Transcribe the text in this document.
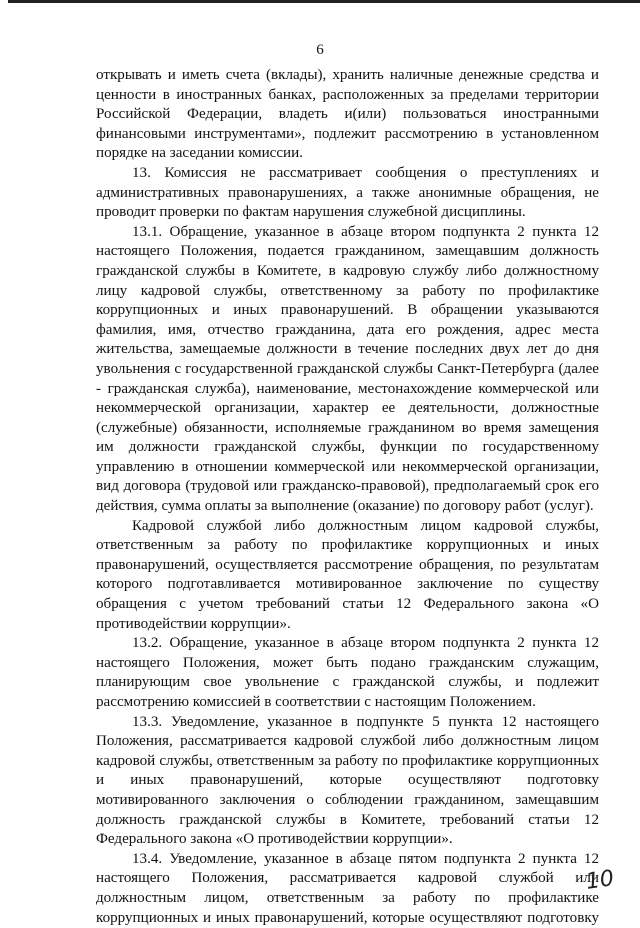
6

открывать и иметь счета (вклады), хранить наличные денежные средства и ценности в иностранных банках, расположенных за пределами территории Российской Федерации, владеть и(или) пользоваться иностранными финансовыми инструментами», подлежит рассмотрению в установленном порядке на заседании комиссии.

13. Комиссия не рассматривает сообщения о преступлениях и административных правонарушениях, а также анонимные обращения, не проводит проверки по фактам нарушения служебной дисциплины.

13.1. Обращение, указанное в абзаце втором подпункта 2 пункта 12 настоящего Положения, подается гражданином, замещавшим должность гражданской службы в Комитете, в кадровую службу либо должностному лицу кадровой службы, ответственному за работу по профилактике коррупционных и иных правонарушений. В обращении указываются фамилия, имя, отчество гражданина, дата его рождения, адрес места жительства, замещаемые должности в течение последних двух лет до дня увольнения с государственной гражданской службы Санкт-Петербурга (далее - гражданская служба), наименование, местонахождение коммерческой или некоммерческой организации, характер ее деятельности, должностные (служебные) обязанности, исполняемые гражданином во время замещения им должности гражданской службы, функции по государственному управлению в отношении коммерческой или некоммерческой организации, вид договора (трудовой или гражданско-правовой), предполагаемый срок его действия, сумма оплаты за выполнение (оказание) по договору работ (услуг).

Кадровой службой либо должностным лицом кадровой службы, ответственным за работу по профилактике коррупционных и иных правонарушений, осуществляется рассмотрение обращения, по результатам которого подготавливается мотивированное заключение по существу обращения с учетом требований статьи 12 Федерального закона «О противодействии коррупции».

13.2. Обращение, указанное в абзаце втором подпункта 2 пункта 12 настоящего Положения, может быть подано гражданским служащим, планирующим свое увольнение с гражданской службы, и подлежит рассмотрению комиссией в соответствии с настоящим Положением.

13.3. Уведомление, указанное в подпункте 5 пункта 12 настоящего Положения, рассматривается кадровой службой либо должностным лицом кадровой службы, ответственным за работу по профилактике коррупционных и иных правонарушений, которые осуществляют подготовку мотивированного заключения о соблюдении гражданином, замещавшим должность гражданской службы в Комитете, требований статьи 12 Федерального закона «О противодействии коррупции».

13.4. Уведомление, указанное в абзаце пятом подпункта 2 пункта 12 настоящего Положения, рассматривается кадровой службой или должностным лицом, ответственным за работу по профилактике коррупционных и иных правонарушений, которые осуществляют подготовку

10
